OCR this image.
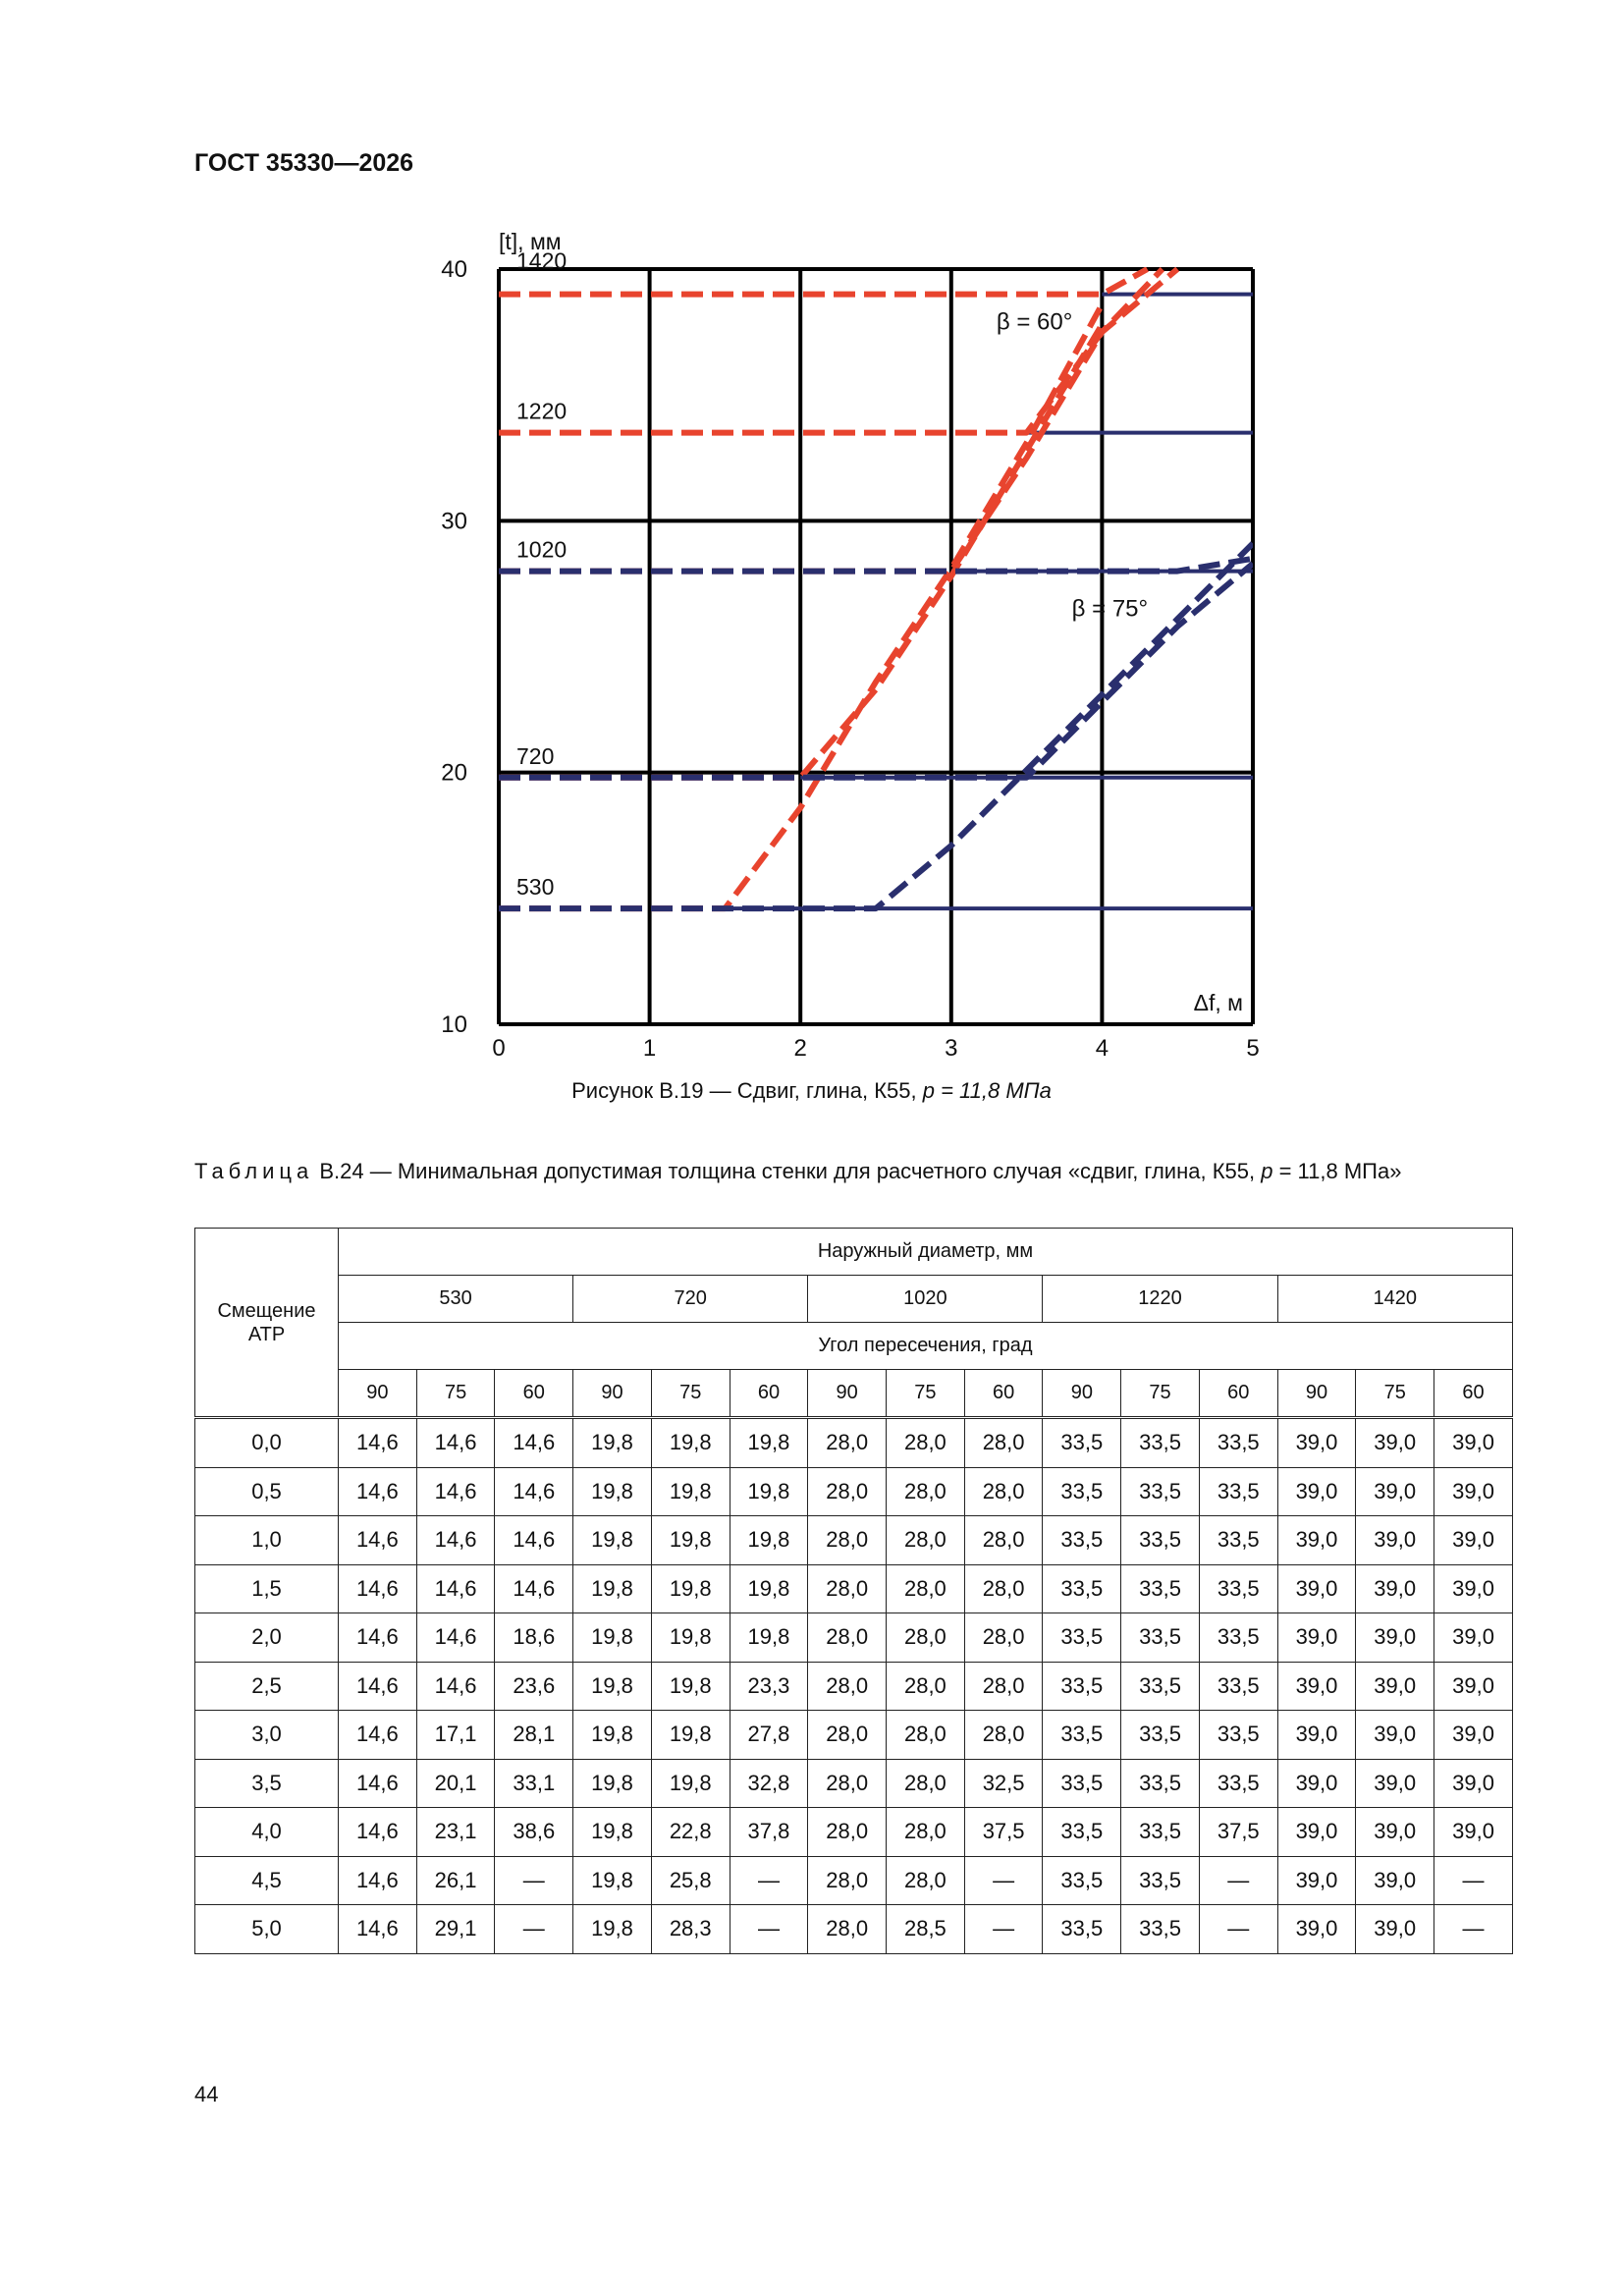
ГОСТ 35330—2026
10
20
30
40
0	1	2	3	4	5
[t], мм
Δf, м
1420
1220
1020
720
530
β = 60°
β = 75°
Рисунок В.19 — Сдвиг, глина, К55, p = 11,8 МПа
Таблица В.24 — Минимальная допустимая толщина стенки для расчетного случая «сдвиг, глина, К55, p = 11,8 МПа»
Смещение АТР	Наружный диаметр, мм														
	530			720			1020			1220			1420		
	Угол пересечения, град														
	90	75	60	90	75	60	90	75	60	90	75	60	90	75	60
0,0	14,6	14,6	14,6	19,8	19,8	19,8	28,0	28,0	28,0	33,5	33,5	33,5	39,0	39,0	39,0
0,5	14,6	14,6	14,6	19,8	19,8	19,8	28,0	28,0	28,0	33,5	33,5	33,5	39,0	39,0	39,0
1,0	14,6	14,6	14,6	19,8	19,8	19,8	28,0	28,0	28,0	33,5	33,5	33,5	39,0	39,0	39,0
1,5	14,6	14,6	14,6	19,8	19,8	19,8	28,0	28,0	28,0	33,5	33,5	33,5	39,0	39,0	39,0
2,0	14,6	14,6	18,6	19,8	19,8	19,8	28,0	28,0	28,0	33,5	33,5	33,5	39,0	39,0	39,0
2,5	14,6	14,6	23,6	19,8	19,8	23,3	28,0	28,0	28,0	33,5	33,5	33,5	39,0	39,0	39,0
3,0	14,6	17,1	28,1	19,8	19,8	27,8	28,0	28,0	28,0	33,5	33,5	33,5	39,0	39,0	39,0
3,5	14,6	20,1	33,1	19,8	19,8	32,8	28,0	28,0	32,5	33,5	33,5	33,5	39,0	39,0	39,0
4,0	14,6	23,1	38,6	19,8	22,8	37,8	28,0	28,0	37,5	33,5	33,5	37,5	39,0	39,0	39,0
4,5	14,6	26,1	—	19,8	25,8	—	28,0	28,0	—	33,5	33,5	—	39,0	39,0	—
5,0	14,6	29,1	—	19,8	28,3	—	28,0	28,5	—	33,5	33,5	—	39,0	39,0	—
44
